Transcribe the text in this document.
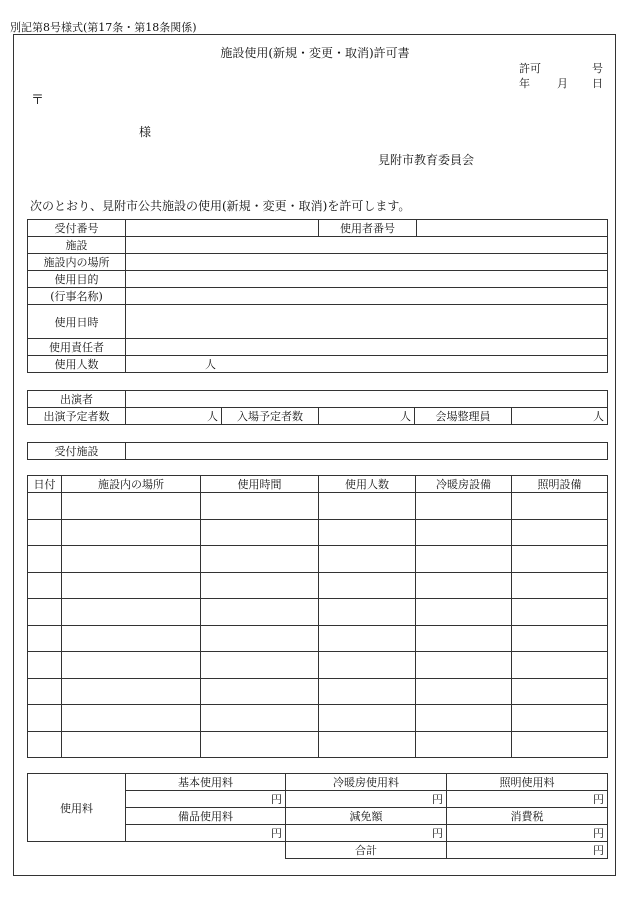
別記第8号様式(第17条・第18条関係)
施設使用(新規・変更・取消)許可書
許可	号
年 月 日
〒
様
見附市教育委員会
次のとおり、見附市公共施設の使用(新規・変更・取消)を許可します。
受付番号		使用者番号	
施設			
施設内の場所			
使用目的			
(行事名称)			
使用日時			
使用責任者			
使用人数	人		
出演者					
出演予定者数	人	入場予定者数	人	会場整理員	人
受付施設	
日付	施設内の場所	使用時間	使用人数	冷暖房設備	照明設備

使用料	基本使用料	冷暖房使用料	照明使用料
	円	円	円
	備品使用料	減免額	消費税
	円	円	円
		合計	円
